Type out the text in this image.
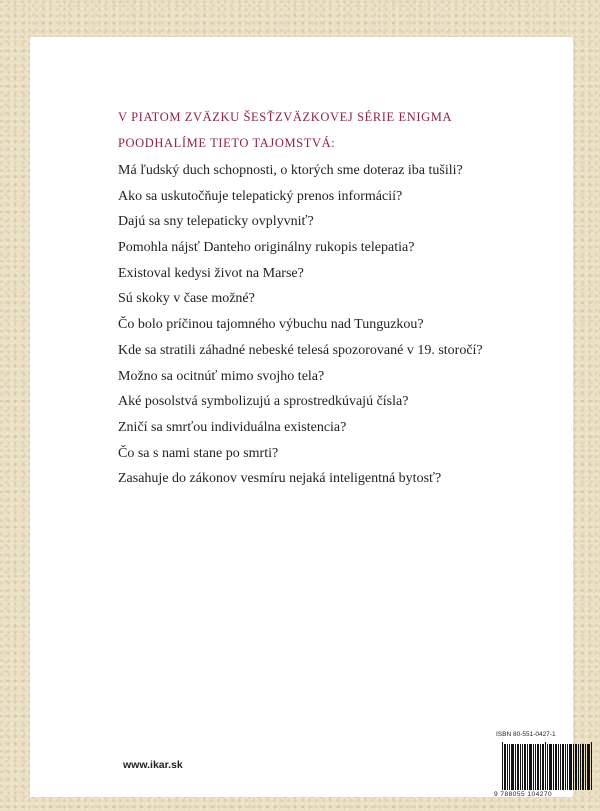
V PIATOM ZVÄZKU ŠESŤZVÄZKOVEJ SÉRIE ENIGMA
POODHALÍME TIETO TAJOMSTVÁ:
Má ľudský duch schopnosti, o ktorých sme doteraz iba tušili?
Ako sa uskutočňuje telepatický prenos informácií?
Dajú sa sny telepaticky ovplyvniť?
Pomohla nájsť Danteho originálny rukopis telepatia?
Existoval kedysi život na Marse?
Sú skoky v čase možné?
Čo bolo príčinou tajomného výbuchu nad Tunguzkou?
Kde sa stratili záhadné nebeské telesá spozorované v 19. storočí?
Možno sa ocitnúť mimo svojho tela?
Aké posolstvá symbolizujú a sprostredkúvajú čísla?
Zničí sa smrťou individuálna existencia?
Čo sa s nami stane po smrti?
Zasahuje do zákonov vesmíru nejaká inteligentná bytosť?
www.ikar.sk
ISBN 80-551-0427-1
9 788055 104270
